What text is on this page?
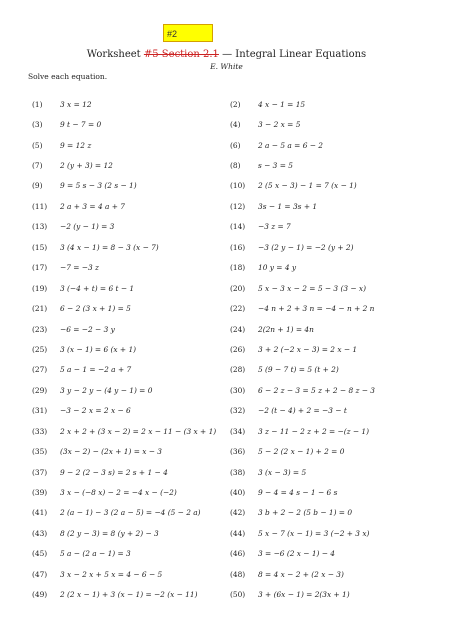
#2
Worksheet #5 Section 2.1 — Integral Linear Equations
E. White
Solve each equation.
(1)	3 x = 12	(2)	4 x − 1 = 15
(3)	9 t − 7 = 0	(4)	3 − 2 x = 5
(5)	9 = 12 z	(6)	2 a − 5 a = 6 − 2
(7)	2 (y + 3) = 12	(8)	s − 3 = 5
(9)	9 = 5 s − 3 (2 s − 1)	(10)	2 (5 x − 3) − 1 = 7 (x − 1)
(11)	2 a + 3 = 4 a + 7	(12)	3s − 1 = 3s + 1
(13)	−2 (y − 1) = 3	(14)	−3 z = 7
(15)	3 (4 x − 1) = 8 − 3 (x − 7)	(16)	−3 (2 y − 1) = −2 (y + 2)
(17)	−7 = −3 z	(18)	10 y = 4 y
(19)	3 (−4 + t) = 6 t − 1	(20)	5 x − 3 x − 2 = 5 − 3 (3 − x)
(21)	6 − 2 (3 x + 1) = 5	(22)	−4 n + 2 + 3 n = −4 − n + 2 n
(23)	−6 = −2 − 3 y	(24)	2(2n + 1) = 4n
(25)	3 (x − 1) = 6 (x + 1)	(26)	3 + 2 (−2 x − 3) = 2 x − 1
(27)	5 a − 1 = −2 a + 7	(28)	5 (9 − 7 t) = 5 (t + 2)
(29)	3 y − 2 y − (4 y − 1) = 0	(30)	6 − 2 z − 3 = 5 z + 2 − 8 z − 3
(31)	−3 − 2 x = 2 x − 6	(32)	−2 (t − 4) + 2 = −3 − t
(33)	2 x + 2 + (3 x − 2) = 2 x − 11 − (3 x + 1) (34)	3 z − 11 − 2 z + 2 = −(z − 1)
(35)	(3x − 2) − (2x + 1) = x − 3	(36)	5 − 2 (2 x − 1) + 2 = 0
(37)	9 − 2 (2 − 3 s) = 2 s + 1 − 4	(38)	3 (x − 3) = 5
(39)	3 x − (−8 x) − 2 = −4 x − (−2)	(40)	9 − 4 = 4 s − 1 − 6 s
(41)	2 (a − 1) − 3 (2 a − 5) = −4 (5 − 2 a)	(42)	3 b + 2 − 2 (5 b − 1) = 0
(43)	8 (2 y − 3) = 8 (y + 2) − 3	(44)	5 x − 7 (x − 1) = 3 (−2 + 3 x)
(45)	5 a − (2 a − 1) = 3	(46)	3 = −6 (2 x − 1) − 4
(47)	3 x − 2 x + 5 x = 4 − 6 − 5	(48)	8 = 4 x − 2 + (2 x − 3)
(49)	2 (2 x − 1) + 3 (x − 1) = −2 (x − 11)	(50)	3 + (6x − 1) = 2(3x + 1)
